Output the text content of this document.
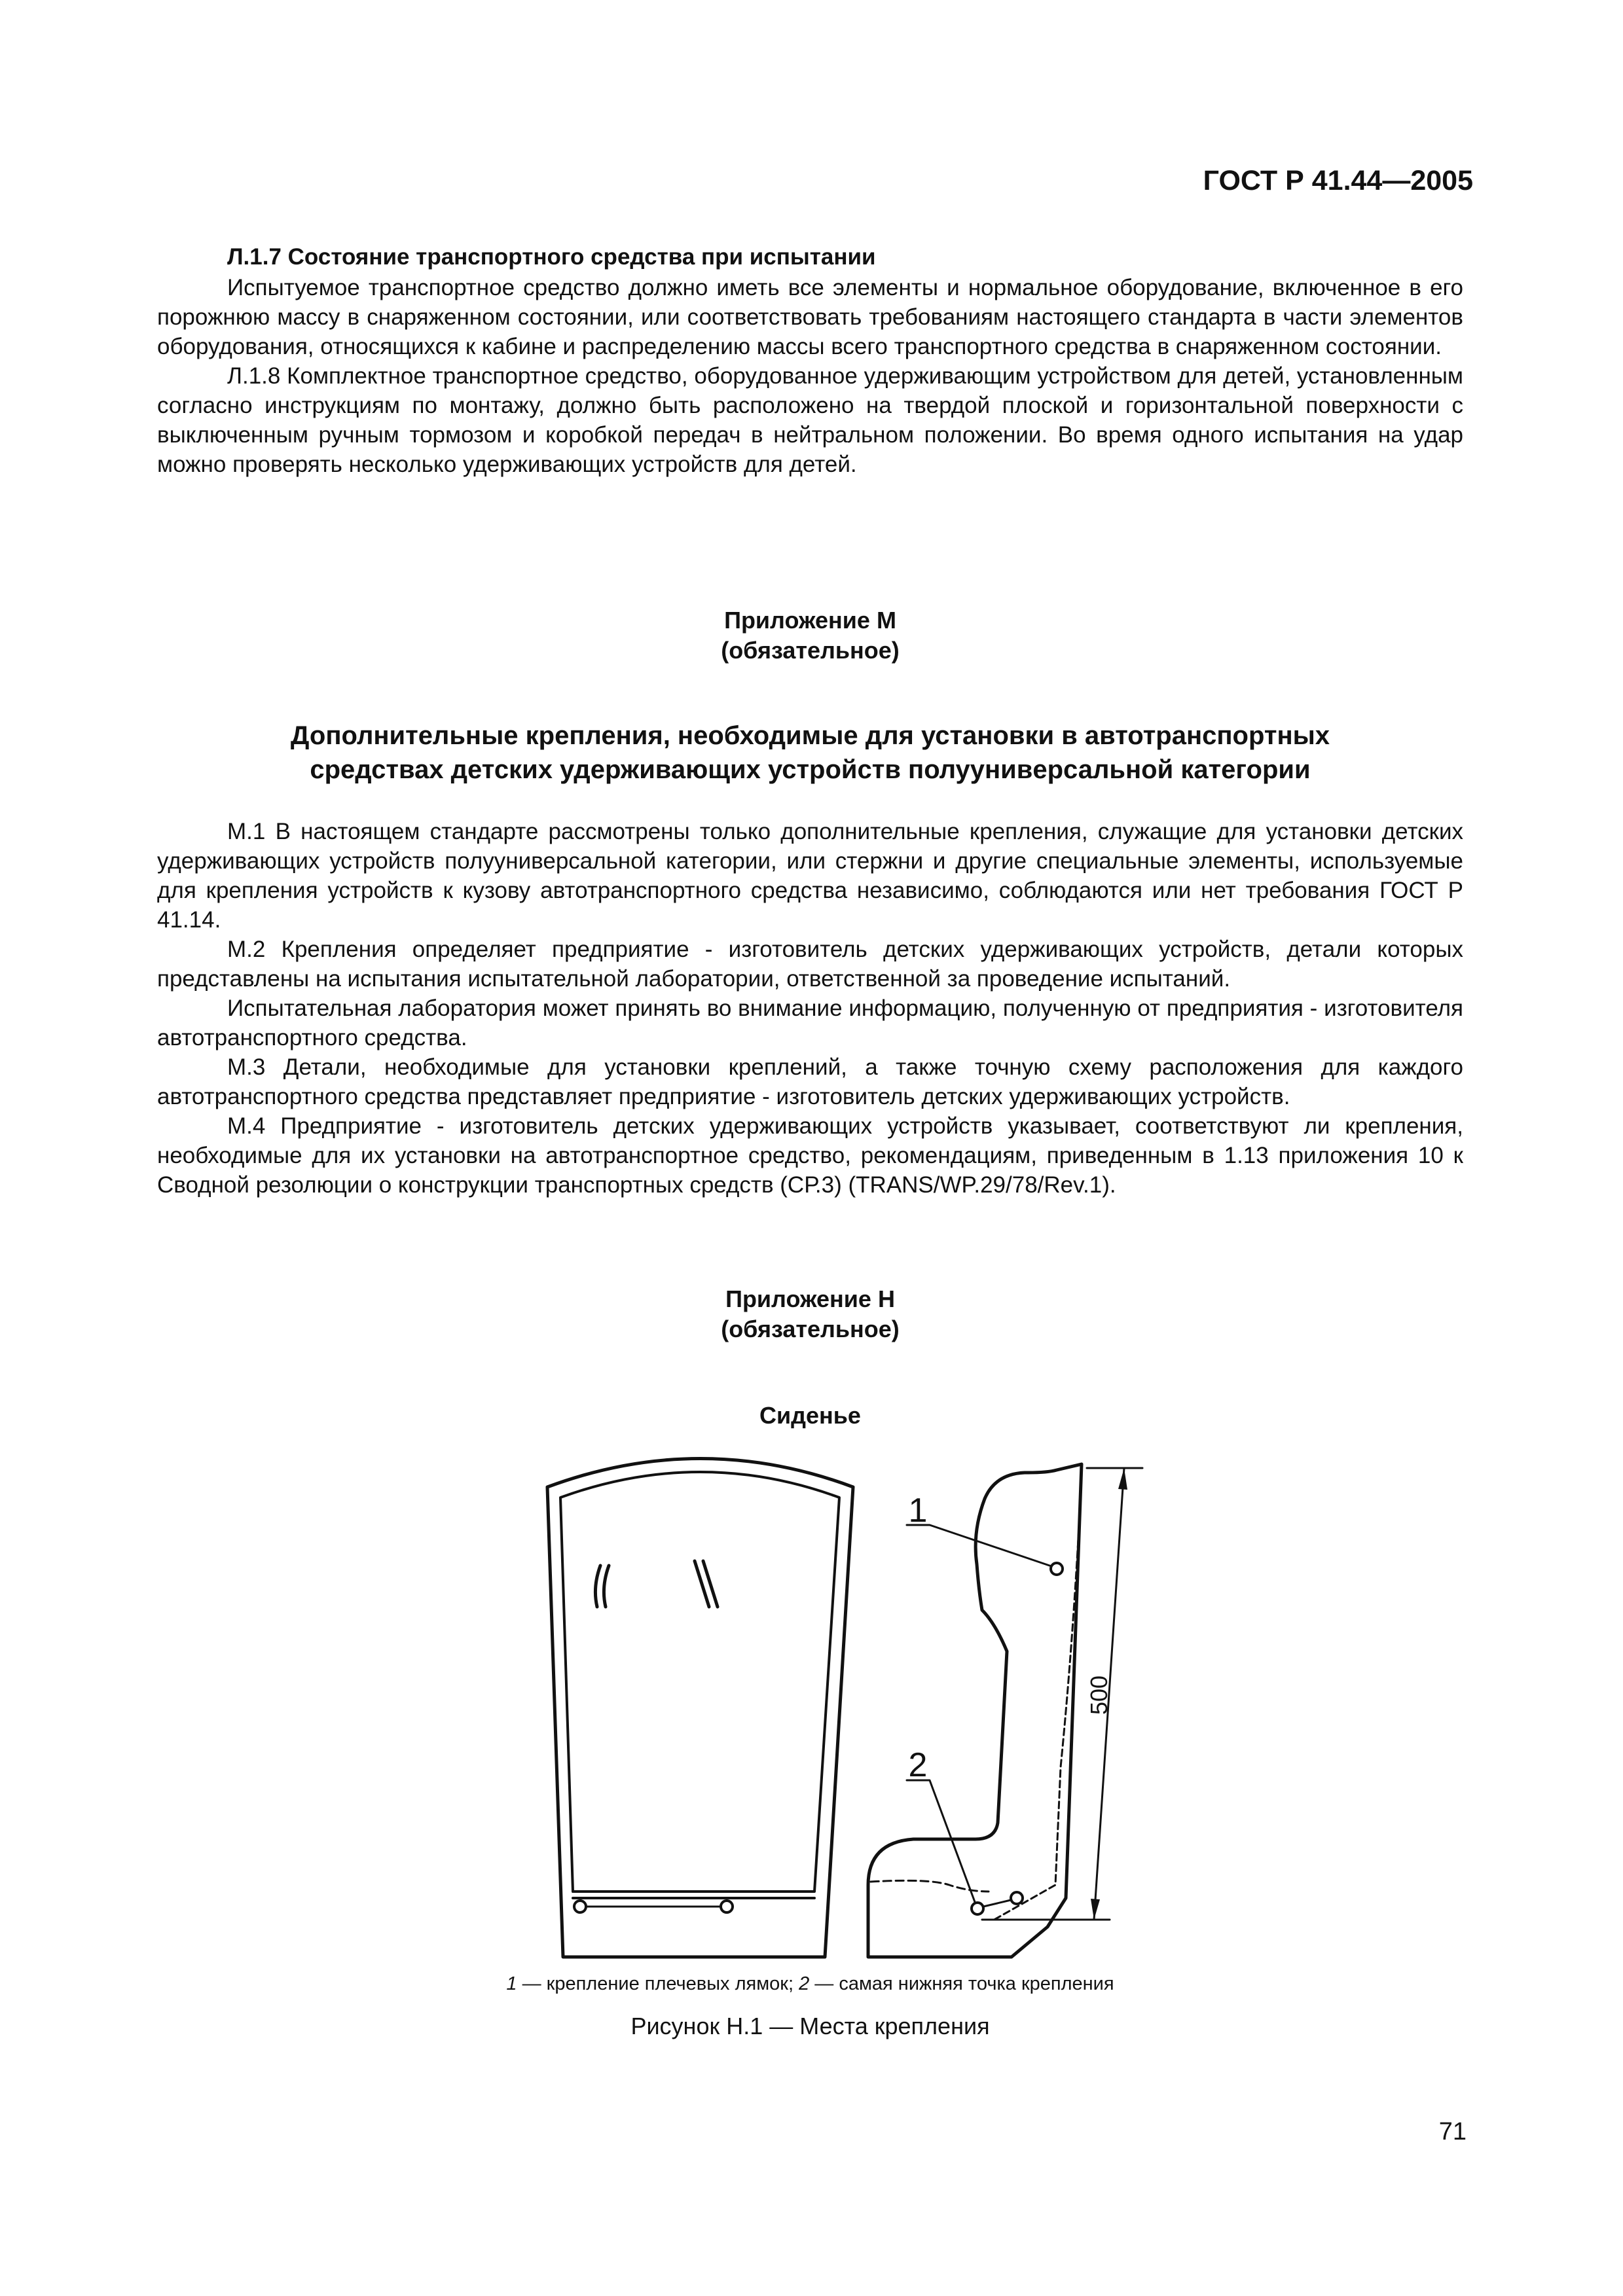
ГОСТ Р 41.44—2005

Л.1.7 Состояние транспортного средства при испытании

Испытуемое транспортное средство должно иметь все элементы и нормальное оборудование, включенное в его порожнюю массу в снаряженном состоянии, или соответствовать требованиям настоящего стандарта в части элементов оборудования, относящихся к кабине и распределению массы всего транспортного средства в снаряженном состоянии.

Л.1.8 Комплектное транспортное средство, оборудованное удерживающим устройством для детей, установленным согласно инструкциям по монтажу, должно быть расположено на твердой плоской и горизонтальной поверхности с выключенным ручным тормозом и коробкой передач в нейтральном положении. Во время одного испытания на удар можно проверять несколько удерживающих устройств для детей.

Приложение М
(обязательное)
Дополнительные крепления, необходимые для установки в автотранспортных
средствах детских удерживающих устройств полуунивepсальной категории

М.1 В настоящем стандарте рассмотрены только дополнительные крепления, служащие для установки детских удерживающих устройств полууниверсальной категории, или стержни и другие специальные элементы, используемые для крепления устройств к кузову автотранспортного средства независимо, соблюдаются или нет требования ГОСТ Р 41.14.

М.2 Крепления определяет предприятие - изготовитель детских удерживающих устройств, детали которых представлены на испытания испытательной лаборатории, ответственной за проведение испытаний.

Испытательная лаборатория может принять во внимание информацию, полученную от предприятия - изготовителя автотранспортного средства.

М.3 Детали, необходимые для установки креплений, а также точную схему расположения для каждого автотранспортного средства представляет предприятие - изготовитель детских удерживающих устройств.

М.4 Предприятие - изготовитель детских удерживающих устройств указывает, соответствуют ли крепления, необходимые для их установки на автотранспортное средство, рекомендациям, приведенным в 1.13 приложения 10 к Сводной резолюции о конструкции транспортных средств (СР.3) (TRANS/WP.29/78/Rev.1).

Приложение Н
(обязательное)
Сиденье
1
2
500
1 — крепление плечевых лямок; 2 — самая нижняя точка крепления
Рисунок Н.1 — Места крепления
71
